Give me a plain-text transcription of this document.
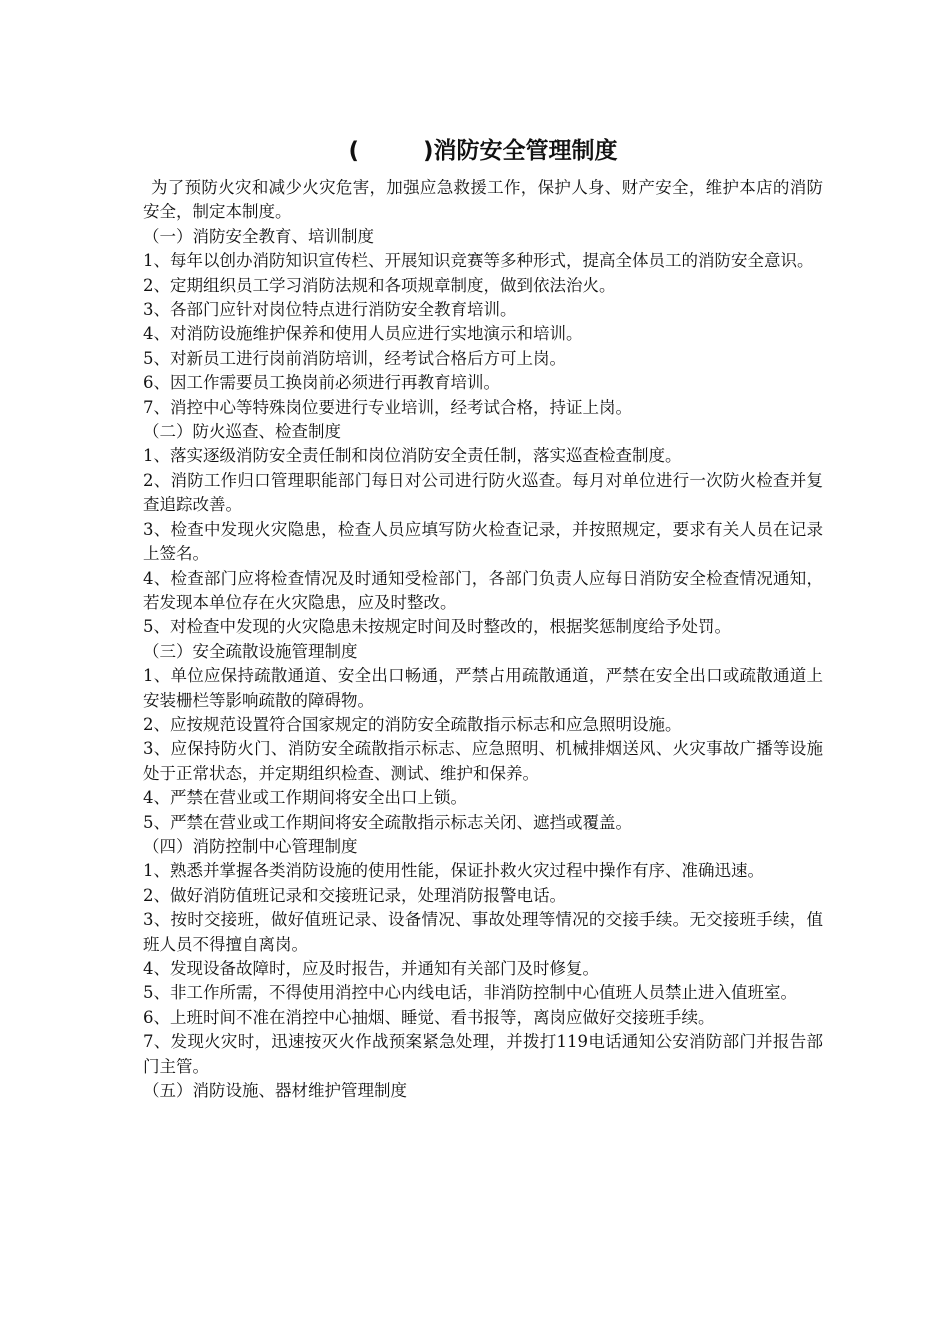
(        )消防安全管理制度

为了预防火灾和减少火灾危害，加强应急救援工作，保护人身、财产安全，维护本店的消防安全，制定本制度。

（一）消防安全教育、培训制度

1、每年以创办消防知识宣传栏、开展知识竞赛等多种形式，提高全体员工的消防安全意识。

2、定期组织员工学习消防法规和各项规章制度，做到依法治火。

3、各部门应针对岗位特点进行消防安全教育培训。

4、对消防设施维护保养和使用人员应进行实地演示和培训。

5、对新员工进行岗前消防培训，经考试合格后方可上岗。

6、因工作需要员工换岗前必须进行再教育培训。

7、消控中心等特殊岗位要进行专业培训，经考试合格，持证上岗。

（二）防火巡查、检查制度

1、落实逐级消防安全责任制和岗位消防安全责任制，落实巡查检查制度。

2、消防工作归口管理职能部门每日对公司进行防火巡查。每月对单位进行一次防火检查并复查追踪改善。

3、检查中发现火灾隐患，检查人员应填写防火检查记录，并按照规定，要求有关人员在记录上签名。

4、检查部门应将检查情况及时通知受检部门，各部门负责人应每日消防安全检查情况通知，若发现本单位存在火灾隐患，应及时整改。

5、对检查中发现的火灾隐患未按规定时间及时整改的，根据奖惩制度给予处罚。

（三）安全疏散设施管理制度

1、单位应保持疏散通道、安全出口畅通，严禁占用疏散通道，严禁在安全出口或疏散通道上安装栅栏等影响疏散的障碍物。

2、应按规范设置符合国家规定的消防安全疏散指示标志和应急照明设施。

3、应保持防火门、消防安全疏散指示标志、应急照明、机械排烟送风、火灾事故广播等设施处于正常状态，并定期组织检查、测试、维护和保养。

4、严禁在营业或工作期间将安全出口上锁。

5、严禁在营业或工作期间将安全疏散指示标志关闭、遮挡或覆盖。

（四）消防控制中心管理制度

1、熟悉并掌握各类消防设施的使用性能，保证扑救火灾过程中操作有序、准确迅速。

2、做好消防值班记录和交接班记录，处理消防报警电话。

3、按时交接班，做好值班记录、设备情况、事故处理等情况的交接手续。无交接班手续，值班人员不得擅自离岗。

4、发现设备故障时，应及时报告，并通知有关部门及时修复。

5、非工作所需，不得使用消控中心内线电话，非消防控制中心值班人员禁止进入值班室。

6、上班时间不准在消控中心抽烟、睡觉、看书报等，离岗应做好交接班手续。

7、发现火灾时，迅速按灭火作战预案紧急处理，并拨打119电话通知公安消防部门并报告部门主管。

（五）消防设施、器材维护管理制度
